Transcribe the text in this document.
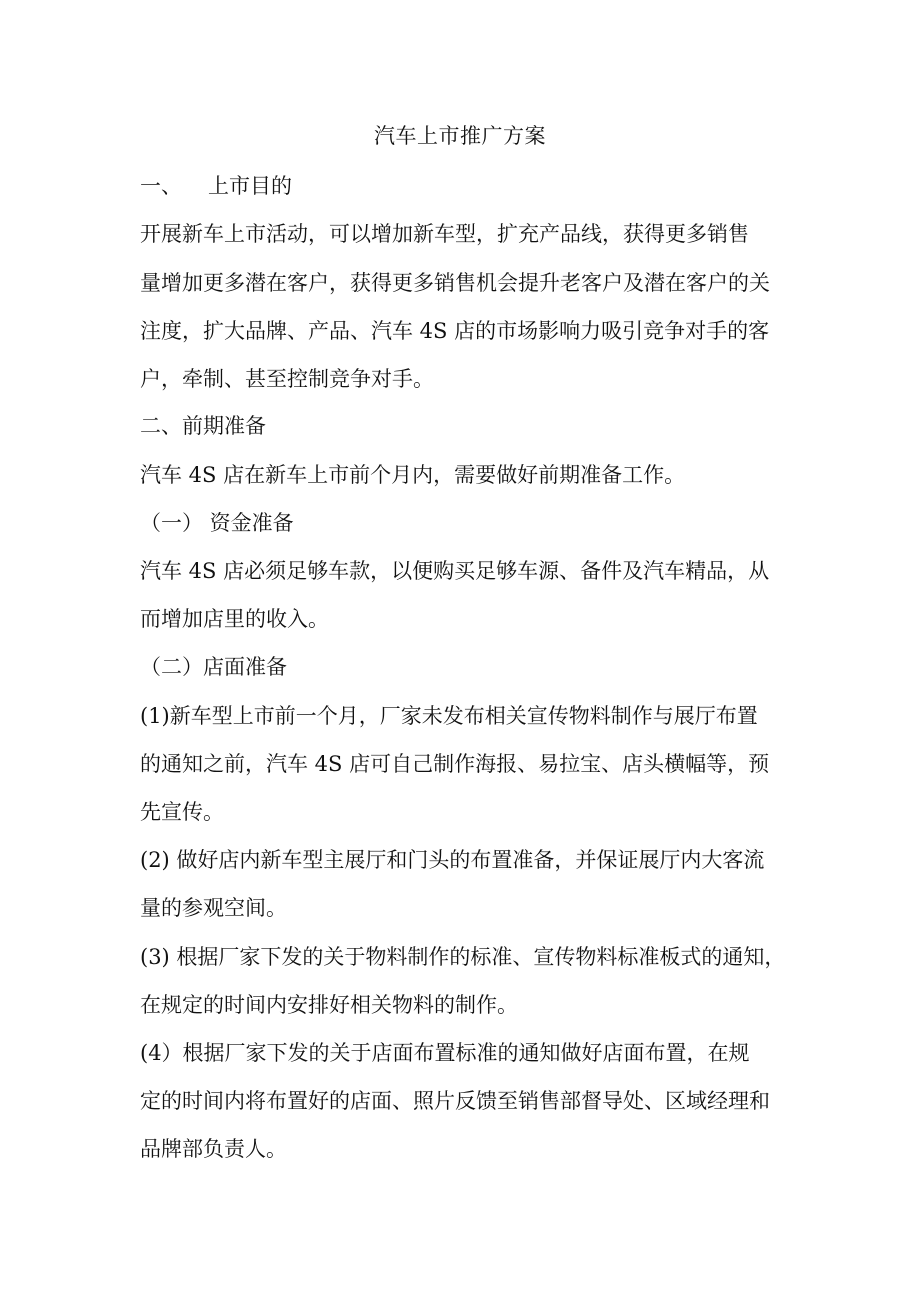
汽车上市推广方案
一、 上市目的
开展新车上市活动，可以增加新车型，扩充产品线，获得更多销售
量增加更多潜在客户，获得更多销售机会提升老客户及潜在客户的关
注度，扩大品牌、产品、汽车 4S 店的市场影响力吸引竞争对手的客
户，牵制、甚至控制竞争对手。
二、前期准备
汽车 4S 店在新车上市前个月内，需要做好前期准备工作。
（一） 资金准备
汽车 4S 店必须足够车款，以便购买足够车源、备件及汽车精品，从
而增加店里的收入。
（二）店面准备
(1)新车型上市前一个月，厂家未发布相关宣传物料制作与展厅布置
的通知之前，汽车 4S 店可自己制作海报、易拉宝、店头横幅等，预
先宣传。
(2) 做好店内新车型主展厅和门头的布置准备，并保证展厅内大客流
量的参观空间。
(3) 根据厂家下发的关于物料制作的标准、宣传物料标准板式的通知，
在规定的时间内安排好相关物料的制作。
(4）根据厂家下发的关于店面布置标准的通知做好店面布置，在规
定的时间内将布置好的店面、照片反馈至销售部督导处、区域经理和
品牌部负责人。
